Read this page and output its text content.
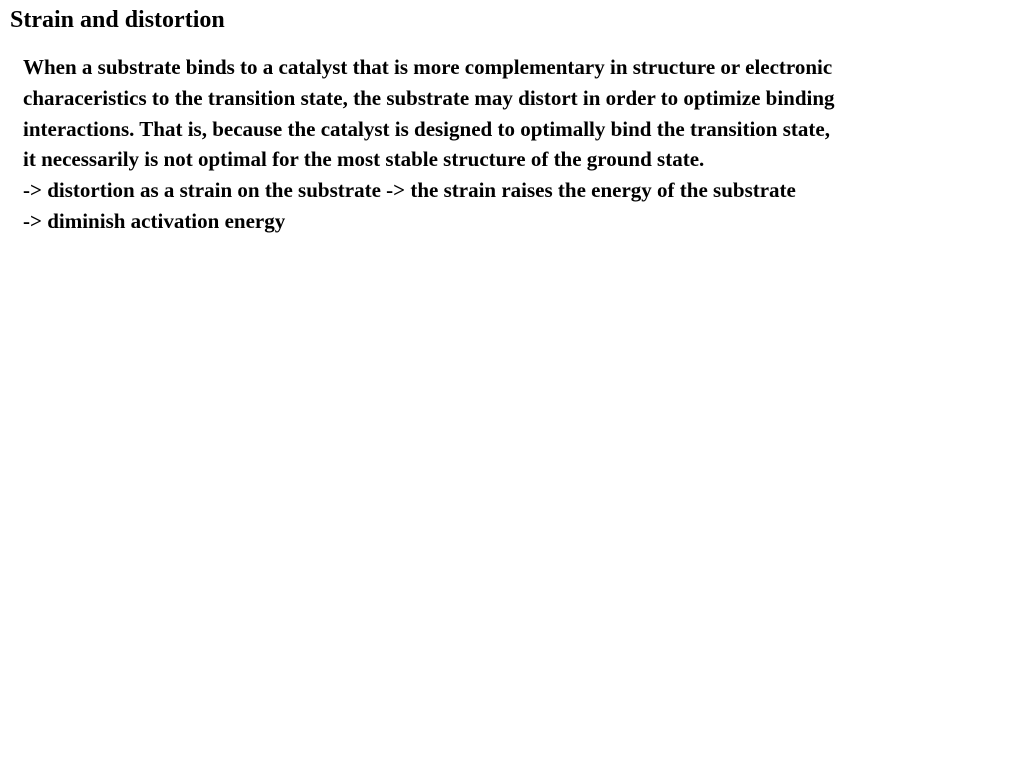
Strain and distortion
When a substrate binds to a catalyst that is more complementary in structure or electronic
characeristics to the transition state, the substrate may distort in order to optimize binding
interactions. That is, because the catalyst is designed to optimally bind the transition state,
it necessarily is not optimal for the most stable structure of the ground state.
-> distortion as a strain on the substrate -> the strain raises the energy of the substrate
-> diminish activation energy
